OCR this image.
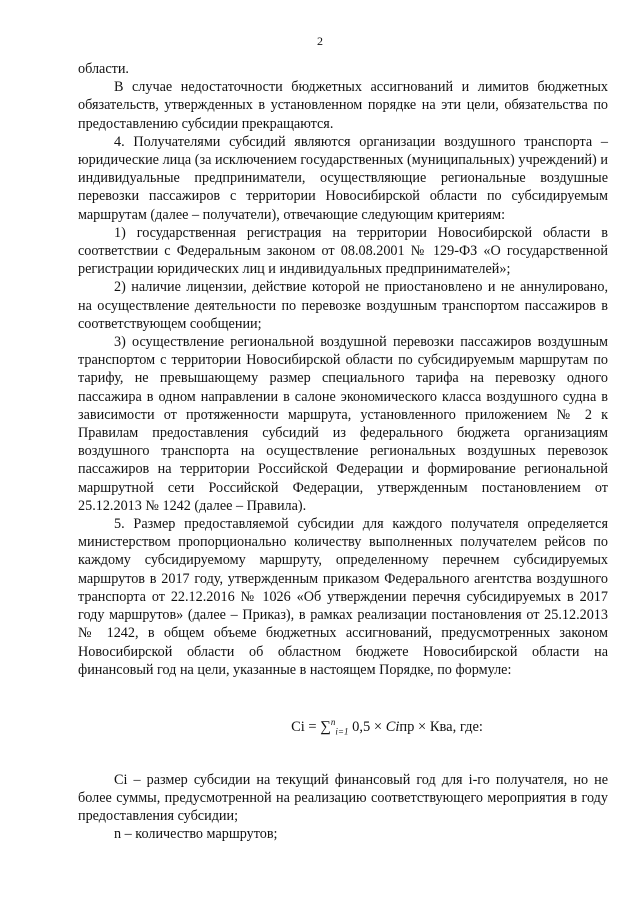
2

области.

В случае недостаточности бюджетных ассигнований и лимитов бюджетных обязательств, утвержденных в установленном порядке на эти цели, обязательства по предоставлению субсидии прекращаются.

4. Получателями субсидий являются организации воздушного транспорта – юридические лица (за исключением государственных (муниципальных) учреждений) и индивидуальные предприниматели, осуществляющие региональные воздушные перевозки пассажиров с территории Новосибирской области по субсидируемым маршрутам (далее – получатели), отвечающие следующим критериям:

1) государственная регистрация на территории Новосибирской области в соответствии с Федеральным законом от 08.08.2001 № 129-ФЗ «О государственной регистрации юридических лиц и индивидуальных предпринимателей»;

2) наличие лицензии, действие которой не приостановлено и не аннулировано, на осуществление деятельности по перевозке воздушным транспортом пассажиров в соответствующем сообщении;

3) осуществление региональной воздушной перевозки пассажиров воздушным транспортом с территории Новосибирской области по субсидируемым маршрутам по тарифу, не превышающему размер специального тарифа на перевозку одного пассажира в одном направлении в салоне экономического класса воздушного судна в зависимости от протяженности маршрута, установленного приложением № 2 к Правилам предоставления субсидий из федерального бюджета организациям воздушного транспорта на осуществление региональных воздушных перевозок пассажиров на территории Российской Федерации и формирование региональной маршрутной сети Российской Федерации, утвержденным постановлением от 25.12.2013 № 1242 (далее – Правила).

5. Размер предоставляемой субсидии для каждого получателя определяется министерством пропорционально количеству выполненных получателем рейсов по каждому субсидируемому маршруту, определенному перечнем субсидируемых маршрутов в 2017 году, утвержденным приказом Федерального агентства воздушного транспорта от 22.12.2016 № 1026 «Об утверждении перечня субсидируемых в 2017 году маршрутов» (далее – Приказ), в рамках реализации постановления от 25.12.2013 № 1242, в общем объеме бюджетных ассигнований, предусмотренных законом Новосибирской области об областном бюджете Новосибирской области на финансовый год на цели, указанные в настоящем Порядке, по формуле:

Ci = ∑$^n_{i=1}$ 0,5 × Ciпр × Ква, где:

Ci – размер субсидии на текущий финансовый год для i-го получателя, но не более суммы, предусмотренной на реализацию соответствующего мероприятия в году предоставления субсидии;

n – количество маршрутов;
